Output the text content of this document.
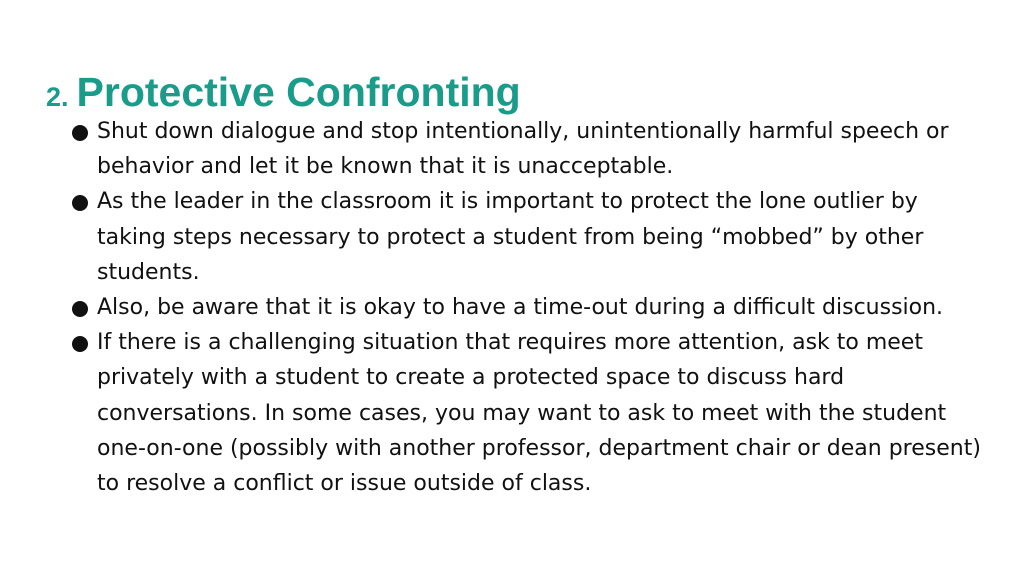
2. Protective Confronting
Shut down dialogue and stop intentionally, unintentionally harmful speech or behavior and let it be known that it is unacceptable.
As the leader in the classroom it is important to protect the lone outlier by taking steps necessary to protect a student from being “mobbed” by other students.
Also, be aware that it is okay to have a time-out during a difficult discussion.
If there is a challenging situation that requires more attention, ask to meet privately with a student to create a protected space to discuss hard conversations. In some cases, you may want to ask to meet with the student one-on-one (possibly with another professor, department chair or dean present) to resolve a conflict or issue outside of class.
